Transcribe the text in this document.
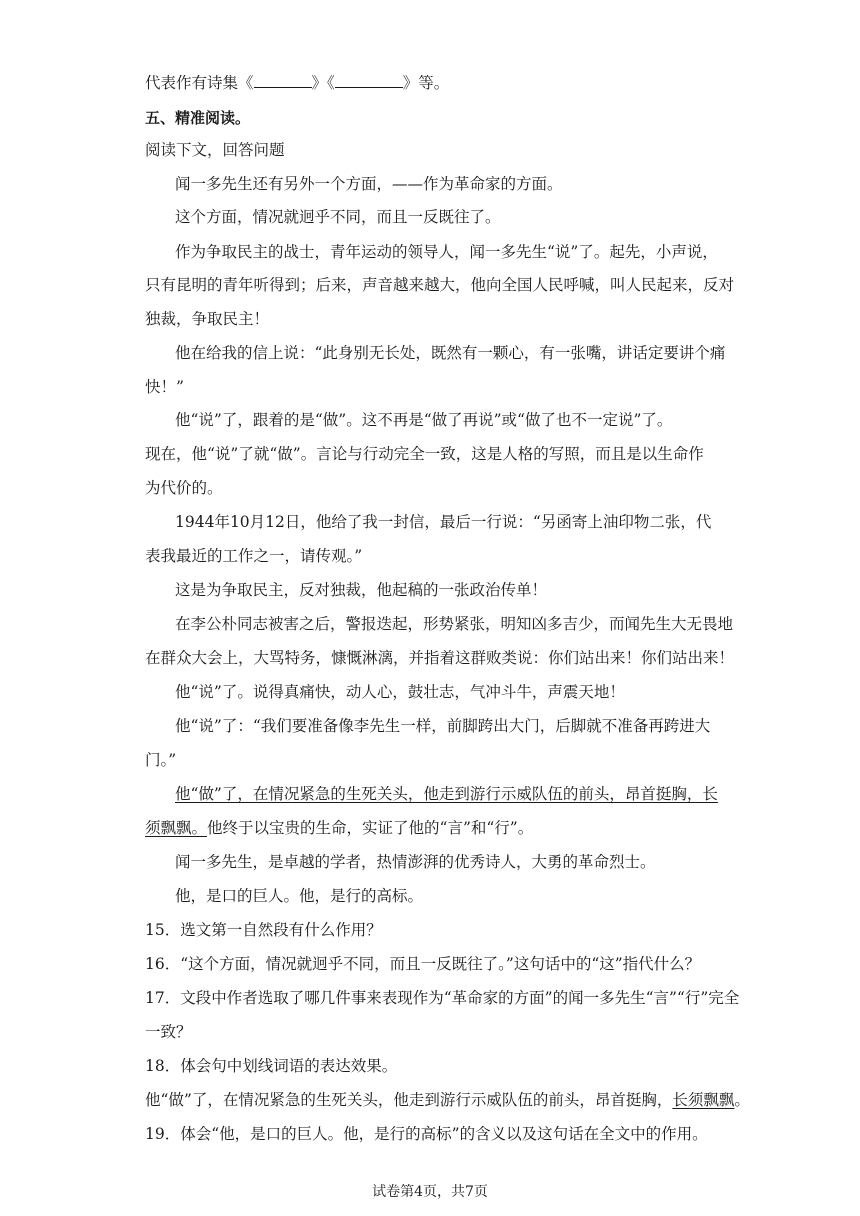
代表作有诗集《	》《	》等。
五、精准阅读。
阅读下文，回答问题
闻一多先生还有另外一个方面，——作为革命家的方面。
这个方面，情况就迥乎不同，而且一反既往了。
作为争取民主的战士，青年运动的领导人，闻一多先生“说”了。起先，小声说，
只有昆明的青年听得到；后来，声音越来越大，他向全国人民呼喊，叫人民起来，反对
独裁，争取民主！
他在给我的信上说：“此身别无长处，既然有一颗心，有一张嘴，讲话定要讲个痛
快！”
他“说”了，跟着的是“做”。这不再是“做了再说”或“做了也不一定说”了。
现在，他“说”了就“做”。言论与行动完全一致，这是人格的写照，而且是以生命作
为代价的。
1944年10月12日，他给了我一封信，最后一行说：“另函寄上油印物二张，代
表我最近的工作之一，请传观。”
这是为争取民主，反对独裁，他起稿的一张政治传单！
在李公朴同志被害之后，警报迭起，形势紧张，明知凶多吉少，而闻先生大无畏地
在群众大会上，大骂特务，慷慨淋漓，并指着这群败类说：你们站出来！你们站出来！
他“说”了。说得真痛快，动人心，鼓壮志，气冲斗牛，声震天地！
他“说”了：“我们要准备像李先生一样，前脚跨出大门，后脚就不准备再跨进大
门。”
他“做”了，在情况紧急的生死关头，他走到游行示威队伍的前头，昂首挺胸，长
须飘飘。他终于以宝贵的生命，实证了他的“言”和“行”。
闻一多先生，是卓越的学者，热情澎湃的优秀诗人，大勇的革命烈士。
他，是口的巨人。他，是行的高标。
15．选文第一自然段有什么作用？
16．“这个方面，情况就迥乎不同，而且一反既往了。”这句话中的“这”指代什么？
17．文段中作者选取了哪几件事来表现作为“革命家的方面”的闻一多先生“言”“行”完全
一致？
18．体会句中划线词语的表达效果。
他“做”了，在情况紧急的生死关头，他走到游行示威队伍的前头，昂首挺胸，长须飘飘。
19．体会“他，是口的巨人。他，是行的高标”的含义以及这句话在全文中的作用。
试卷第4页，共7页
